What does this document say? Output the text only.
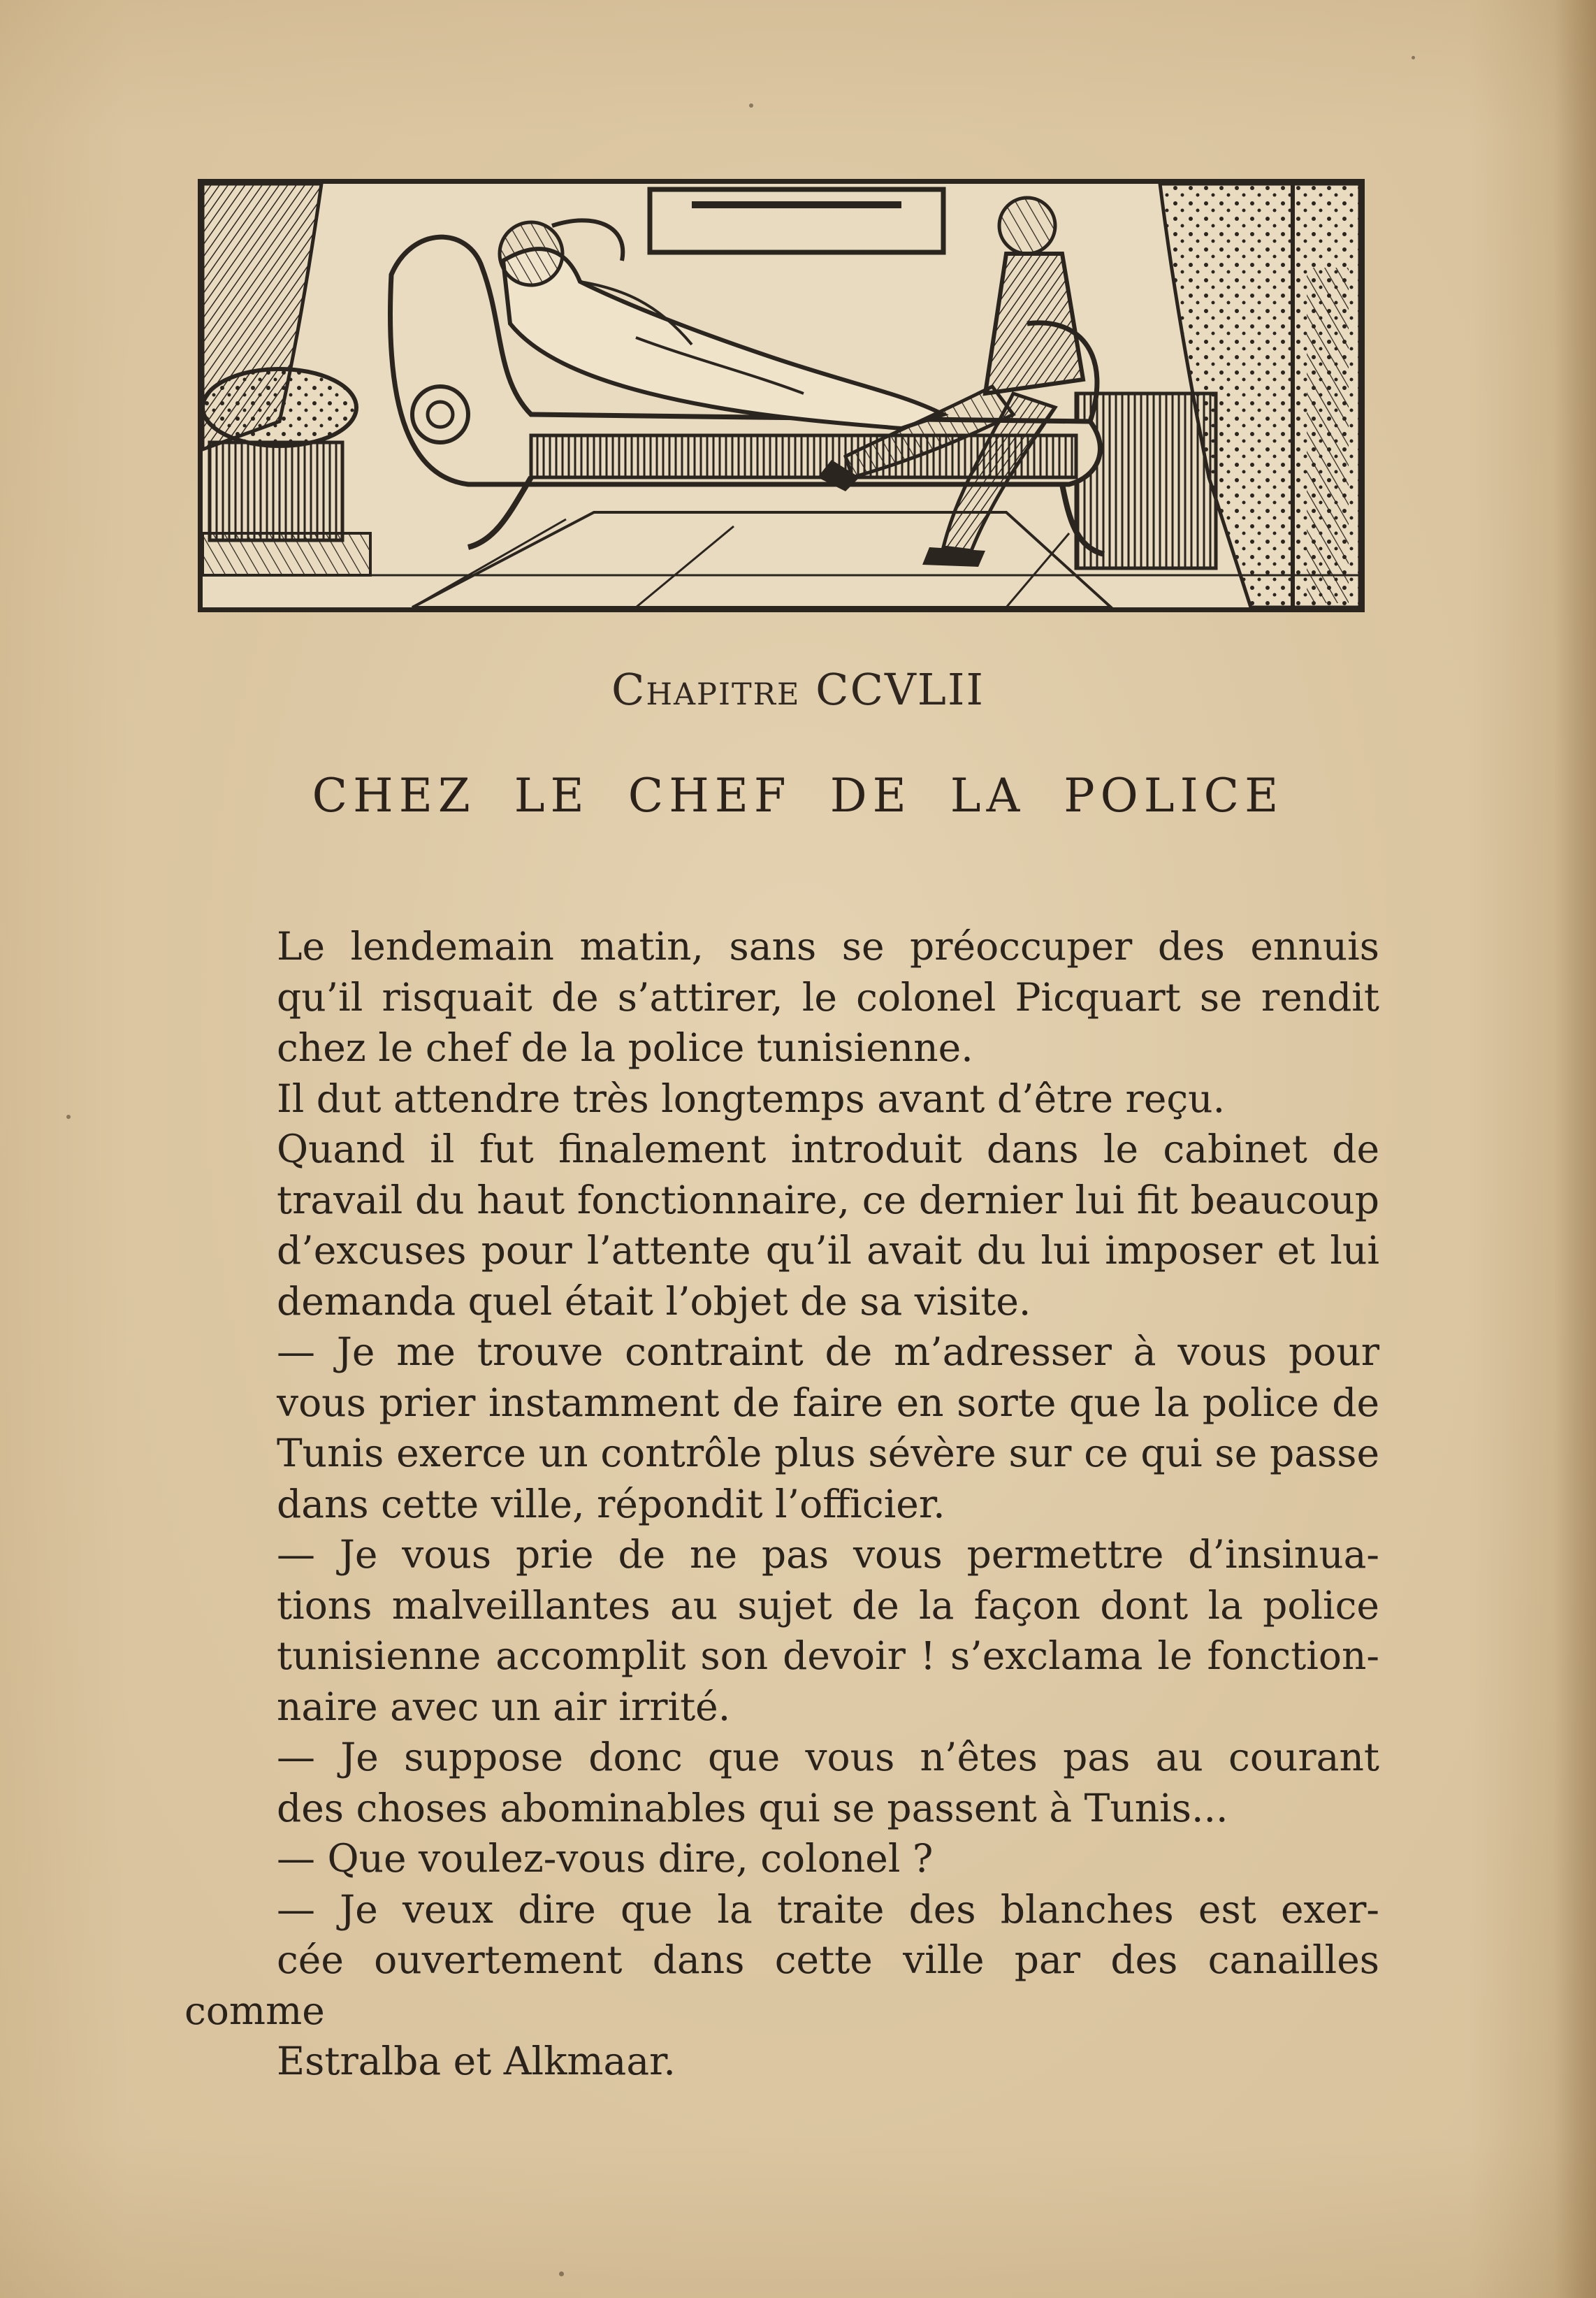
Chapitre CCVLII
CHEZ LE CHEF DE LA POLICE

Le lendemain matin, sans se préoccuper des ennuis
qu’il risquait de s’attirer, le colonel Picquart se rendit
chez le chef de la police tunisienne.

Il dut attendre très longtemps avant d’être reçu.

Quand il fut finalement introduit dans le cabinet de
travail du haut fonctionnaire, ce dernier lui fit beaucoup
d’excuses pour l’attente qu’il avait du lui imposer et lui
demanda quel était l’objet de sa visite.

— Je me trouve contraint de m’adresser à vous pour
vous prier instamment de faire en sorte que la police de
Tunis exerce un contrôle plus sévère sur ce qui se passe
dans cette ville, répondit l’officier.

— Je vous prie de ne pas vous permettre d’insinua-
tions malveillantes au sujet de la façon dont la police
tunisienne accomplit son devoir ! s’exclama le fonction-
naire avec un air irrité.

— Je suppose donc que vous n’êtes pas au courant
des choses abominables qui se passent à Tunis...

— Que voulez-vous dire, colonel ?

— Je veux dire que la traite des blanches est exer-
cée ouvertement dans cette ville par des canailles comme
Estralba et Alkmaar.
